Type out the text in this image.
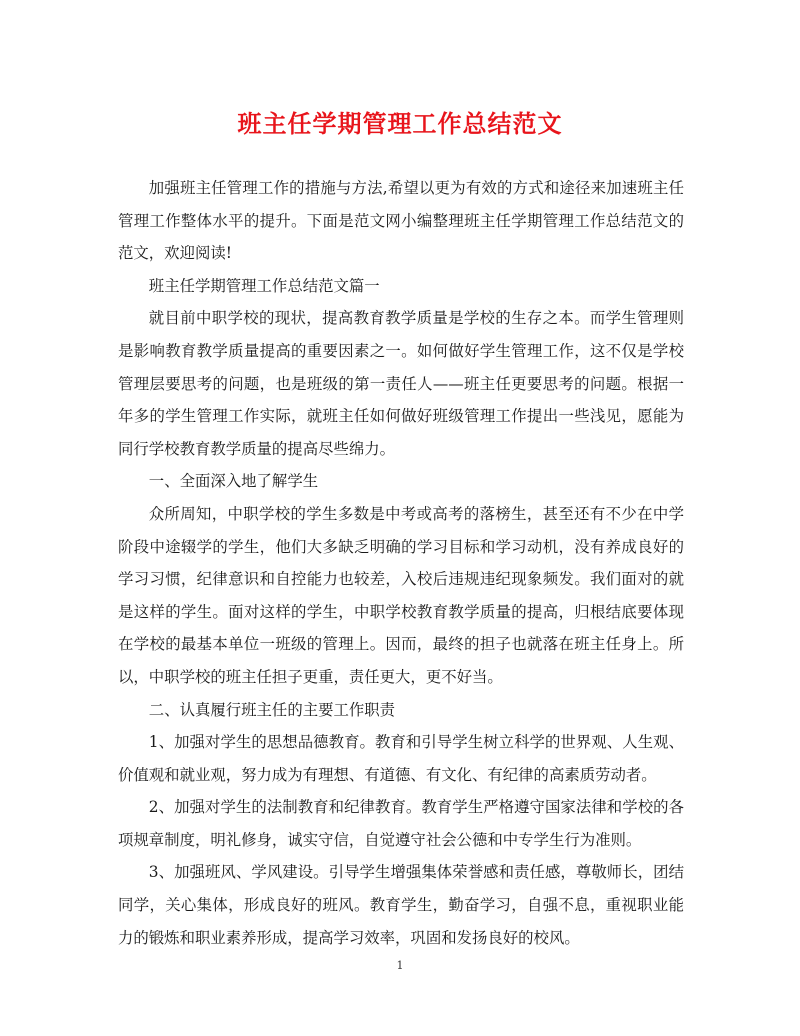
班主任学期管理工作总结范文

加强班主任管理工作的措施与方法,希望以更为有效的方式和途径来加速班主任管理工作整体水平的提升。下面是范文网小编整理班主任学期管理工作总结范文的范文，欢迎阅读!

班主任学期管理工作总结范文篇一

就目前中职学校的现状，提高教育教学质量是学校的生存之本。而学生管理则是影响教育教学质量提高的重要因素之一。如何做好学生管理工作，这不仅是学校管理层要思考的问题，也是班级的第一责任人——班主任更要思考的问题。根据一年多的学生管理工作实际，就班主任如何做好班级管理工作提出一些浅见，愿能为同行学校教育教学质量的提高尽些绵力。

一、全面深入地了解学生

众所周知，中职学校的学生多数是中考或高考的落榜生，甚至还有不少在中学阶段中途辍学的学生，他们大多缺乏明确的学习目标和学习动机，没有养成良好的学习习惯，纪律意识和自控能力也较差，入校后违规违纪现象频发。我们面对的就是这样的学生。面对这样的学生，中职学校教育教学质量的提高，归根结底要体现在学校的最基本单位一班级的管理上。因而，最终的担子也就落在班主任身上。所以，中职学校的班主任担子更重，责任更大，更不好当。

二、认真履行班主任的主要工作职责

1、加强对学生的思想品德教育。教育和引导学生树立科学的世界观、人生观、价值观和就业观，努力成为有理想、有道德、有文化、有纪律的高素质劳动者。

2、加强对学生的法制教育和纪律教育。教育学生严格遵守国家法律和学校的各项规章制度，明礼修身，诚实守信，自觉遵守社会公德和中专学生行为准则。

3、加强班风、学风建设。引导学生增强集体荣誉感和责任感，尊敬师长，团结同学，关心集体，形成良好的班风。教育学生，勤奋学习，自强不息，重视职业能力的锻炼和职业素养形成，提高学习效率，巩固和发扬良好的校风。

1
